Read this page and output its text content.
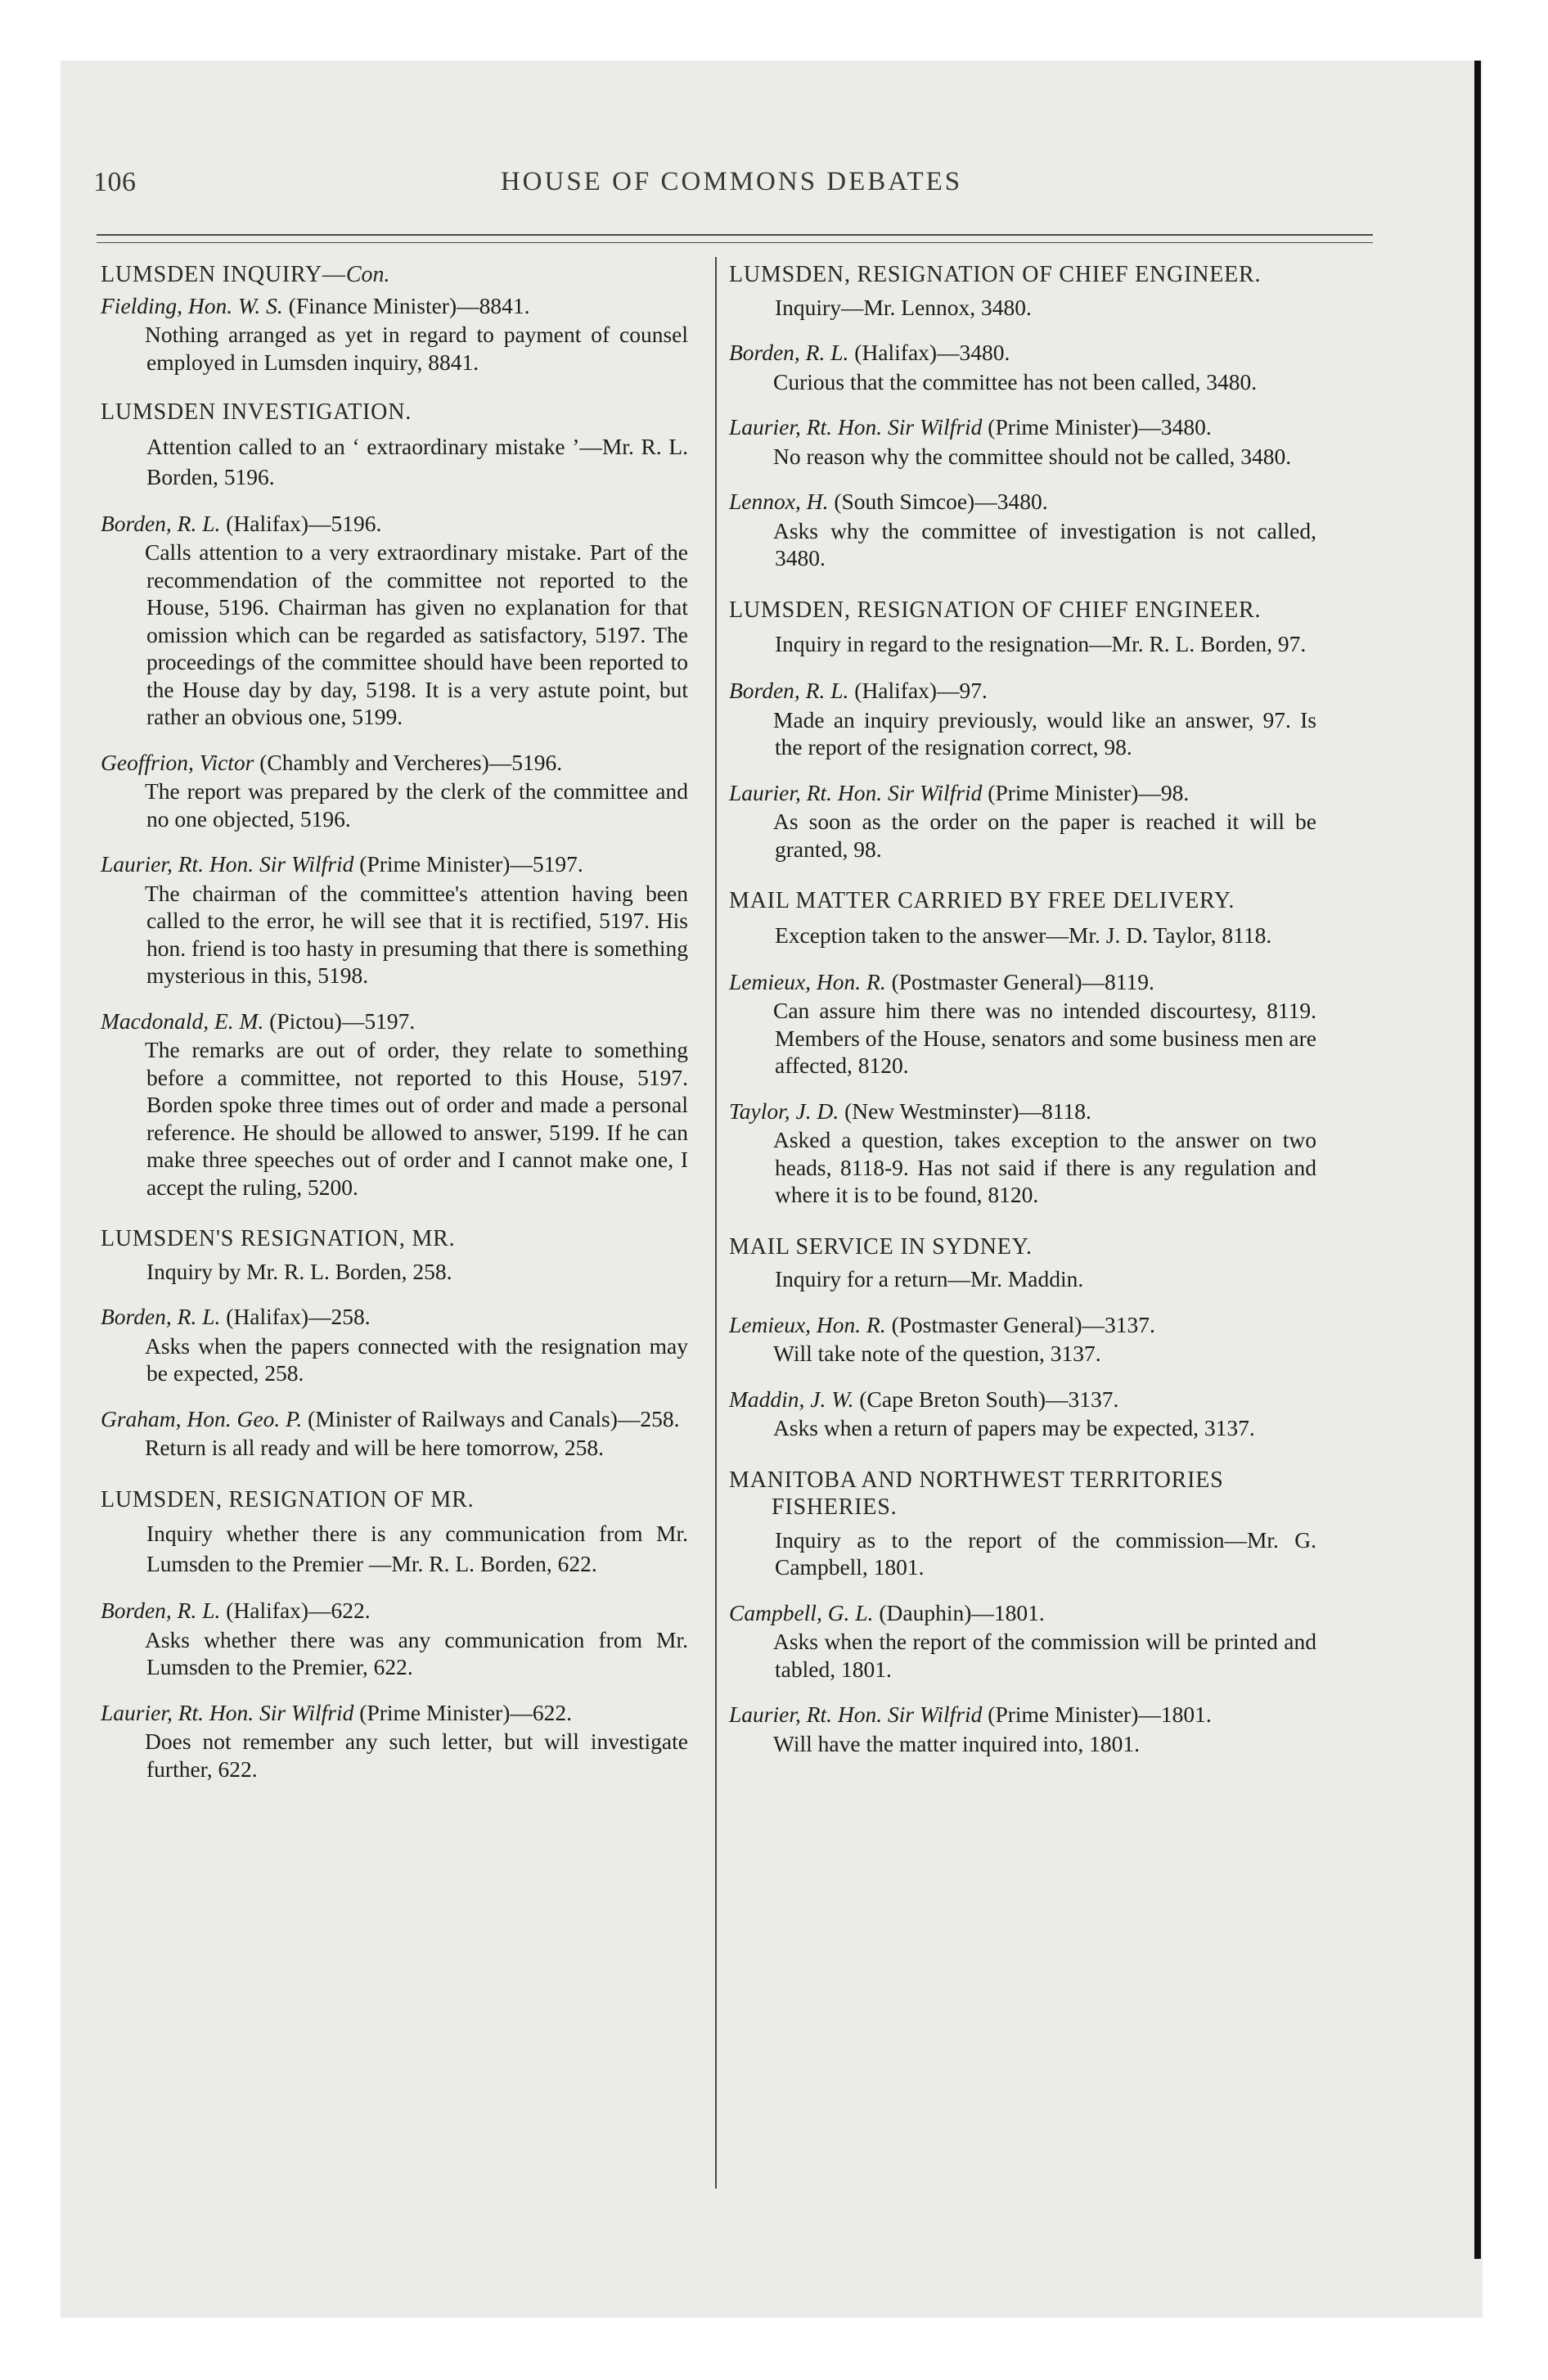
106	HOUSE OF COMMONS DEBATES
LUMSDEN INQUIRY—Con.
Fielding, Hon. W. S. (Finance Minister)—8841.
Nothing arranged as yet in regard to payment of counsel employed in Lumsden inquiry, 8841.
LUMSDEN INVESTIGATION.
Attention called to an ‘ extraordinary mistake ’—Mr. R. L. Borden, 5196.
Borden, R. L. (Halifax)—5196.
Calls attention to a very extraordinary mistake. Part of the recommendation of the committee not reported to the House, 5196. Chairman has given no explanation for that omission which can be regarded as satisfactory, 5197. The proceedings of the committee should have been reported to the House day by day, 5198. It is a very astute point, but rather an obvious one, 5199.
Geoffrion, Victor (Chambly and Vercheres)—5196.
The report was prepared by the clerk of the committee and no one objected, 5196.
Laurier, Rt. Hon. Sir Wilfrid (Prime Minister)—5197.
The chairman of the committee's attention having been called to the error, he will see that it is rectified, 5197. His hon. friend is too hasty in presuming that there is something mysterious in this, 5198.
Macdonald, E. M. (Pictou)—5197.
The remarks are out of order, they relate to something before a committee, not reported to this House, 5197. Borden spoke three times out of order and made a personal reference. He should be allowed to answer, 5199. If he can make three speeches out of order and I cannot make one, I accept the ruling, 5200.
LUMSDEN'S RESIGNATION, MR.
Inquiry by Mr. R. L. Borden, 258.
Borden, R. L. (Halifax)—258.
Asks when the papers connected with the resignation may be expected, 258.
Graham, Hon. Geo. P. (Minister of Railways and Canals)—258.
Return is all ready and will be here tomorrow, 258.
LUMSDEN, RESIGNATION OF MR.
Inquiry whether there is any communication from Mr. Lumsden to the Premier —Mr. R. L. Borden, 622.
Borden, R. L. (Halifax)—622.
Asks whether there was any communication from Mr. Lumsden to the Premier, 622.
Laurier, Rt. Hon. Sir Wilfrid (Prime Minister)—622.
Does not remember any such letter, but will investigate further, 622.
LUMSDEN, RESIGNATION OF CHIEF ENGINEER.
Inquiry—Mr. Lennox, 3480.
Borden, R. L. (Halifax)—3480.
Curious that the committee has not been called, 3480.
Laurier, Rt. Hon. Sir Wilfrid (Prime Minister)—3480.
No reason why the committee should not be called, 3480.
Lennox, H. (South Simcoe)—3480.
Asks why the committee of investigation is not called, 3480.
LUMSDEN, RESIGNATION OF CHIEF ENGINEER.
Inquiry in regard to the resignation—Mr. R. L. Borden, 97.
Borden, R. L. (Halifax)—97.
Made an inquiry previously, would like an answer, 97. Is the report of the resignation correct, 98.
Laurier, Rt. Hon. Sir Wilfrid (Prime Minister)—98.
As soon as the order on the paper is reached it will be granted, 98.
MAIL MATTER CARRIED BY FREE DELIVERY.
Exception taken to the answer—Mr. J. D. Taylor, 8118.
Lemieux, Hon. R. (Postmaster General)—8119.
Can assure him there was no intended discourtesy, 8119. Members of the House, senators and some business men are affected, 8120.
Taylor, J. D. (New Westminster)—8118.
Asked a question, takes exception to the answer on two heads, 8118-9. Has not said if there is any regulation and where it is to be found, 8120.
MAIL SERVICE IN SYDNEY.
Inquiry for a return—Mr. Maddin.
Lemieux, Hon. R. (Postmaster General)—3137.
Will take note of the question, 3137.
Maddin, J. W. (Cape Breton South)—3137.
Asks when a return of papers may be expected, 3137.
MANITOBA AND NORTHWEST TERRITORIES FISHERIES.
Inquiry as to the report of the commission—Mr. G. Campbell, 1801.
Campbell, G. L. (Dauphin)—1801.
Asks when the report of the commission will be printed and tabled, 1801.
Laurier, Rt. Hon. Sir Wilfrid (Prime Minister)—1801.
Will have the matter inquired into, 1801.
